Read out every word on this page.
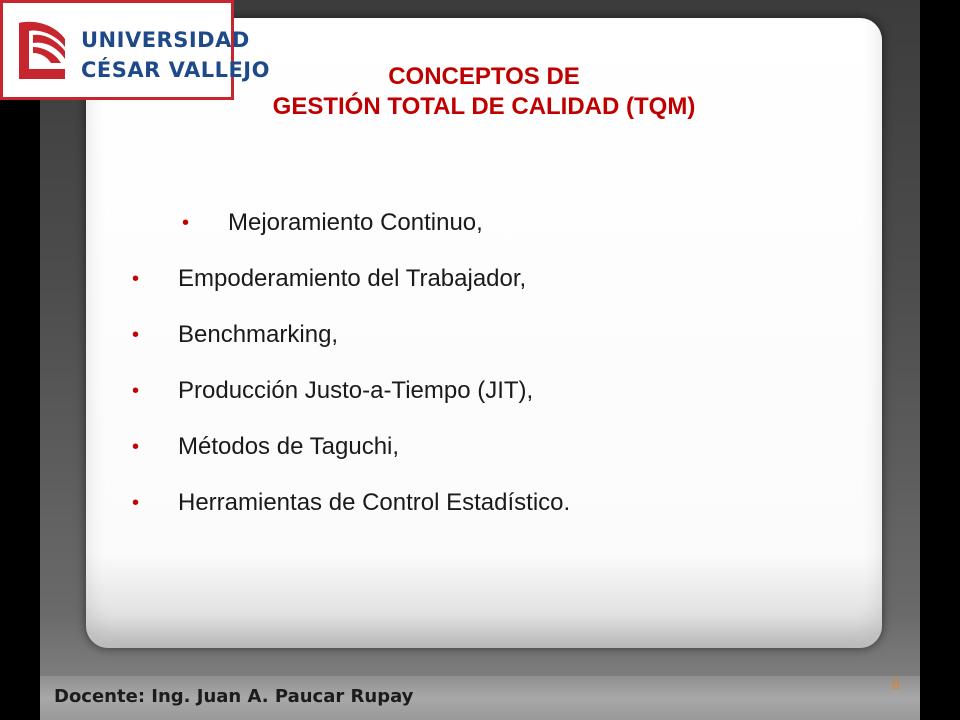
UNIVERSIDAD
CÉSAR VALLEJO	CONCEPTOS DE
GESTIÓN TOTAL DE CALIDAD (TQM)
• Mejoramiento Continuo,
• Empoderamiento del Trabajador,
• Benchmarking,
• Producción Justo-a-Tiempo (JIT),
• Métodos de Taguchi,
• Herramientas de Control Estadístico.
Docente: Ing. Juan A. Paucar Rupay
8
